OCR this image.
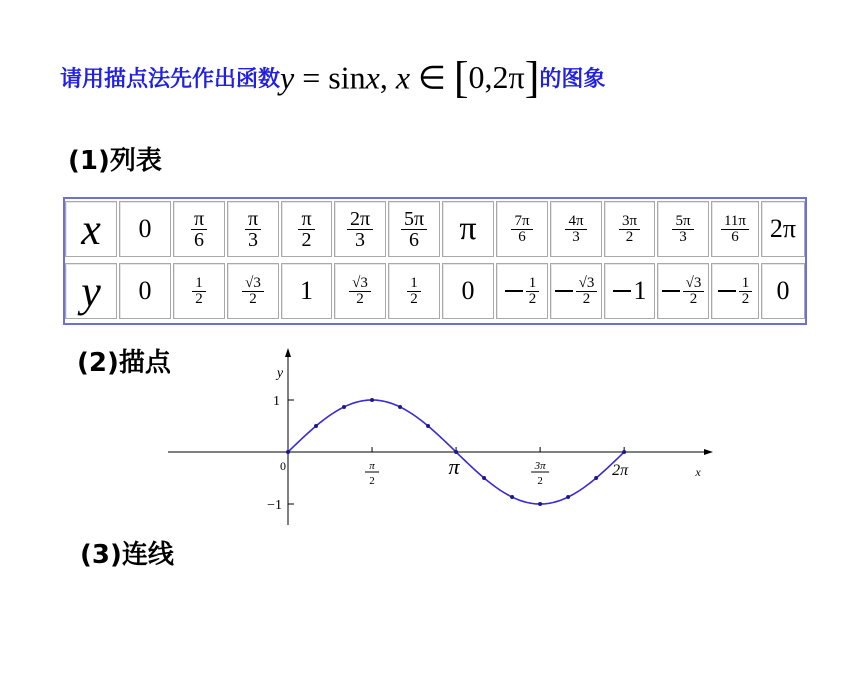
请用描点法先作出函数y = sinx, x ∈ [0,2π]的图象
(1)列表
(2)描点
(3)连线
x	$0 \frac{\pi}{6} \frac{\pi}{3} \frac{\pi}{2} \frac{2\pi}{3} \frac{5\pi}{6}$ π $\frac{7\pi}{6} \frac{4\pi}{3} \frac{3\pi}{2} \frac{5\pi}{3} \frac{11\pi}{6} 2\pi$
y	0	$\frac{1}{2} \frac{√3}{2} 1 \frac{√3}{2} \frac{1}{2} 0$	$\frac{1}{2} \frac{√3}{2} 1 \frac{√3}{2} \frac{1}{2} 0$
y
x
0
1
−1
π
2
π	3π
2
2π
